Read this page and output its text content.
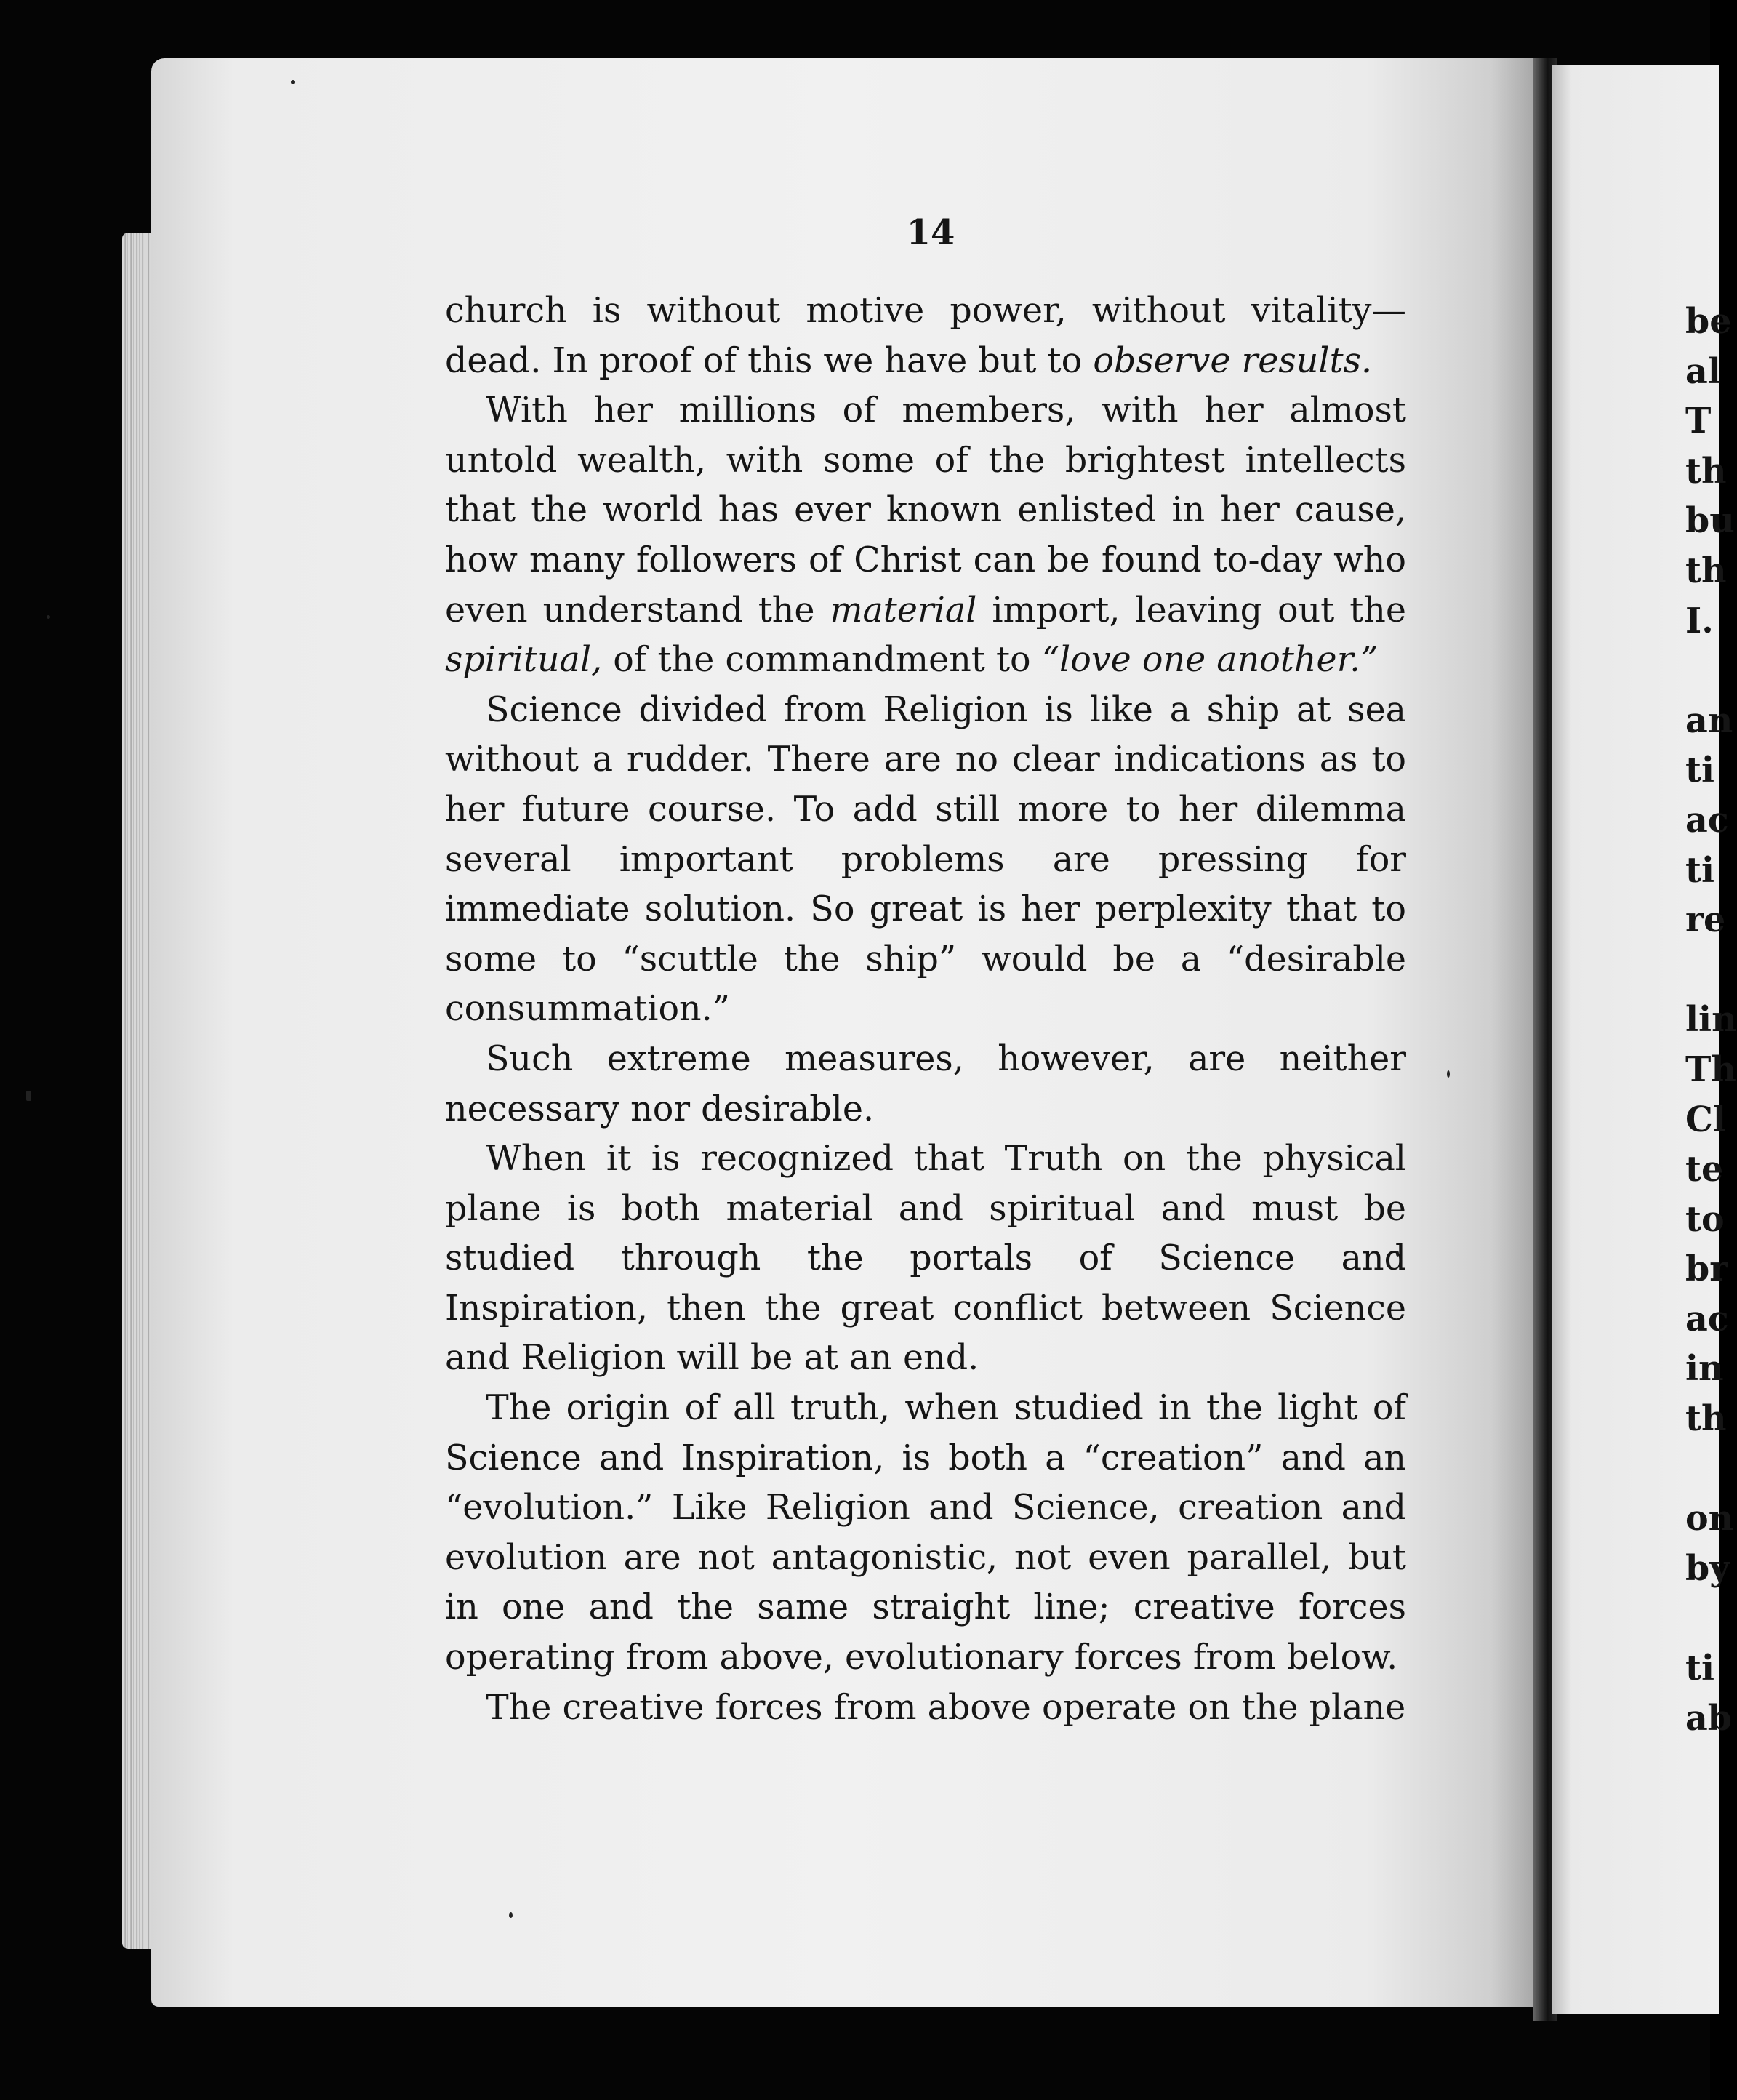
14

church is without motive power, without vitality—dead. In proof of this we have but to observe results.

With her millions of members, with her almost untold wealth, with some of the brightest intellects that the world has ever known enlisted in her cause, how many followers of Christ can be found to-day who even understand the material import, leaving out the spiritual, of the commandment to “love one another.”

Science divided from Religion is like a ship at sea without a rudder. There are no clear indications as to her future course. To add still more to her dilemma several important problems are pressing for immediate solution. So great is her perplexity that to some to “scuttle the ship” would be a “desirable consummation.”

Such extreme measures, however, are neither necessary nor desirable.

When it is recognized that Truth on the physical plane is both material and spiritual and must be studied through the portals of Science and Inspiration, then the great conflict between Science and Religion will be at an end.

The origin of all truth, when studied in the light of Science and Inspiration, is both a “creation” and an “evolution.” Like Religion and Science, creation and evolution are not antagonistic, not even parallel, but in one and the same straight line; creative forces operating from above, evolutionary forces from below.

The creative forces from above operate on the plane

be
al
T
th
bu
th
I.
an
ti
ac
ti
re
lin
Th
Cl
te
to
br
ac
in
th
on
by
ti
ab
